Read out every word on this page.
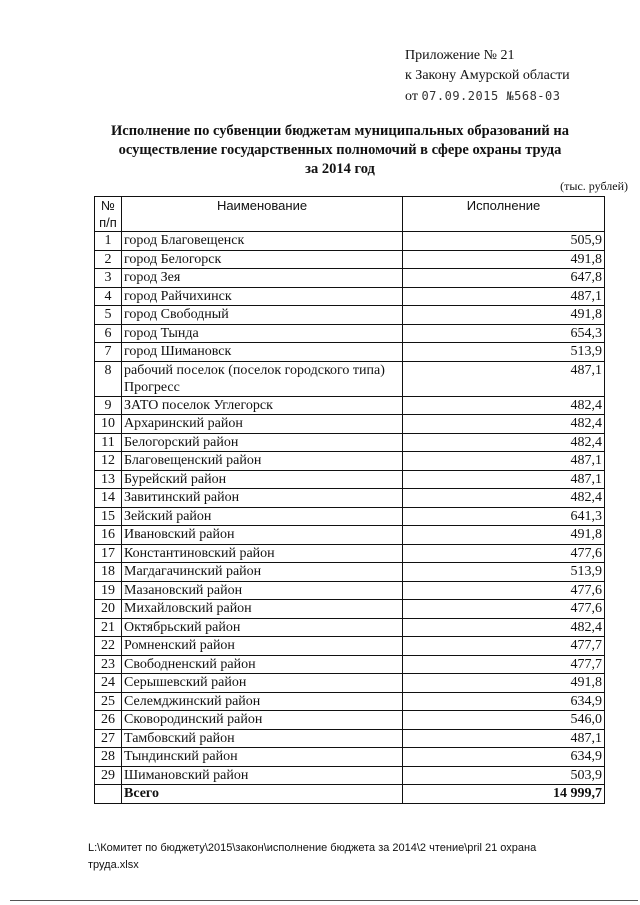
Приложение № 21
к Закону Амурской области
от 07.09.2015 №568-03
Исполнение по субвенции бюджетам муниципальных образований на
осуществление государственных полномочий в сфере охраны труда
за 2014 год
(тыс. рублей)
№ п/п	Наименование	Исполнение
1	город Благовещенск	505,9
2	город Белогорск	491,8
3	город Зея	647,8
4	город Райчихинск	487,1
5	город Свободный	491,8
6	город Тында	654,3
7	город Шимановск	513,9
8	рабочий поселок (поселок городского типа) Прогресс	487,1
9	ЗАТО поселок Углегорск	482,4
10	Архаринский район	482,4
11	Белогорский район	482,4
12	Благовещенский район	487,1
13	Бурейский район	487,1
14	Завитинский район	482,4
15	Зейский район	641,3
16	Ивановский район	491,8
17	Константиновский район	477,6
18	Магдагачинский район	513,9
19	Мазановский район	477,6
20	Михайловский район	477,6
21	Октябрьский район	482,4
22	Ромненский район	477,7
23	Свободненский район	477,7
24	Серышевский район	491,8
25	Селемджинский район	634,9
26	Сковородинский район	546,0
27	Тамбовский район	487,1
28	Тындинский район	634,9
29	Шимановский район	503,9
	Всего	14 999,7
L:\Комитет по бюджету\2015\закон\исполнение бюджета за 2014\2 чтение\pril 21 охрана труда.xlsx
